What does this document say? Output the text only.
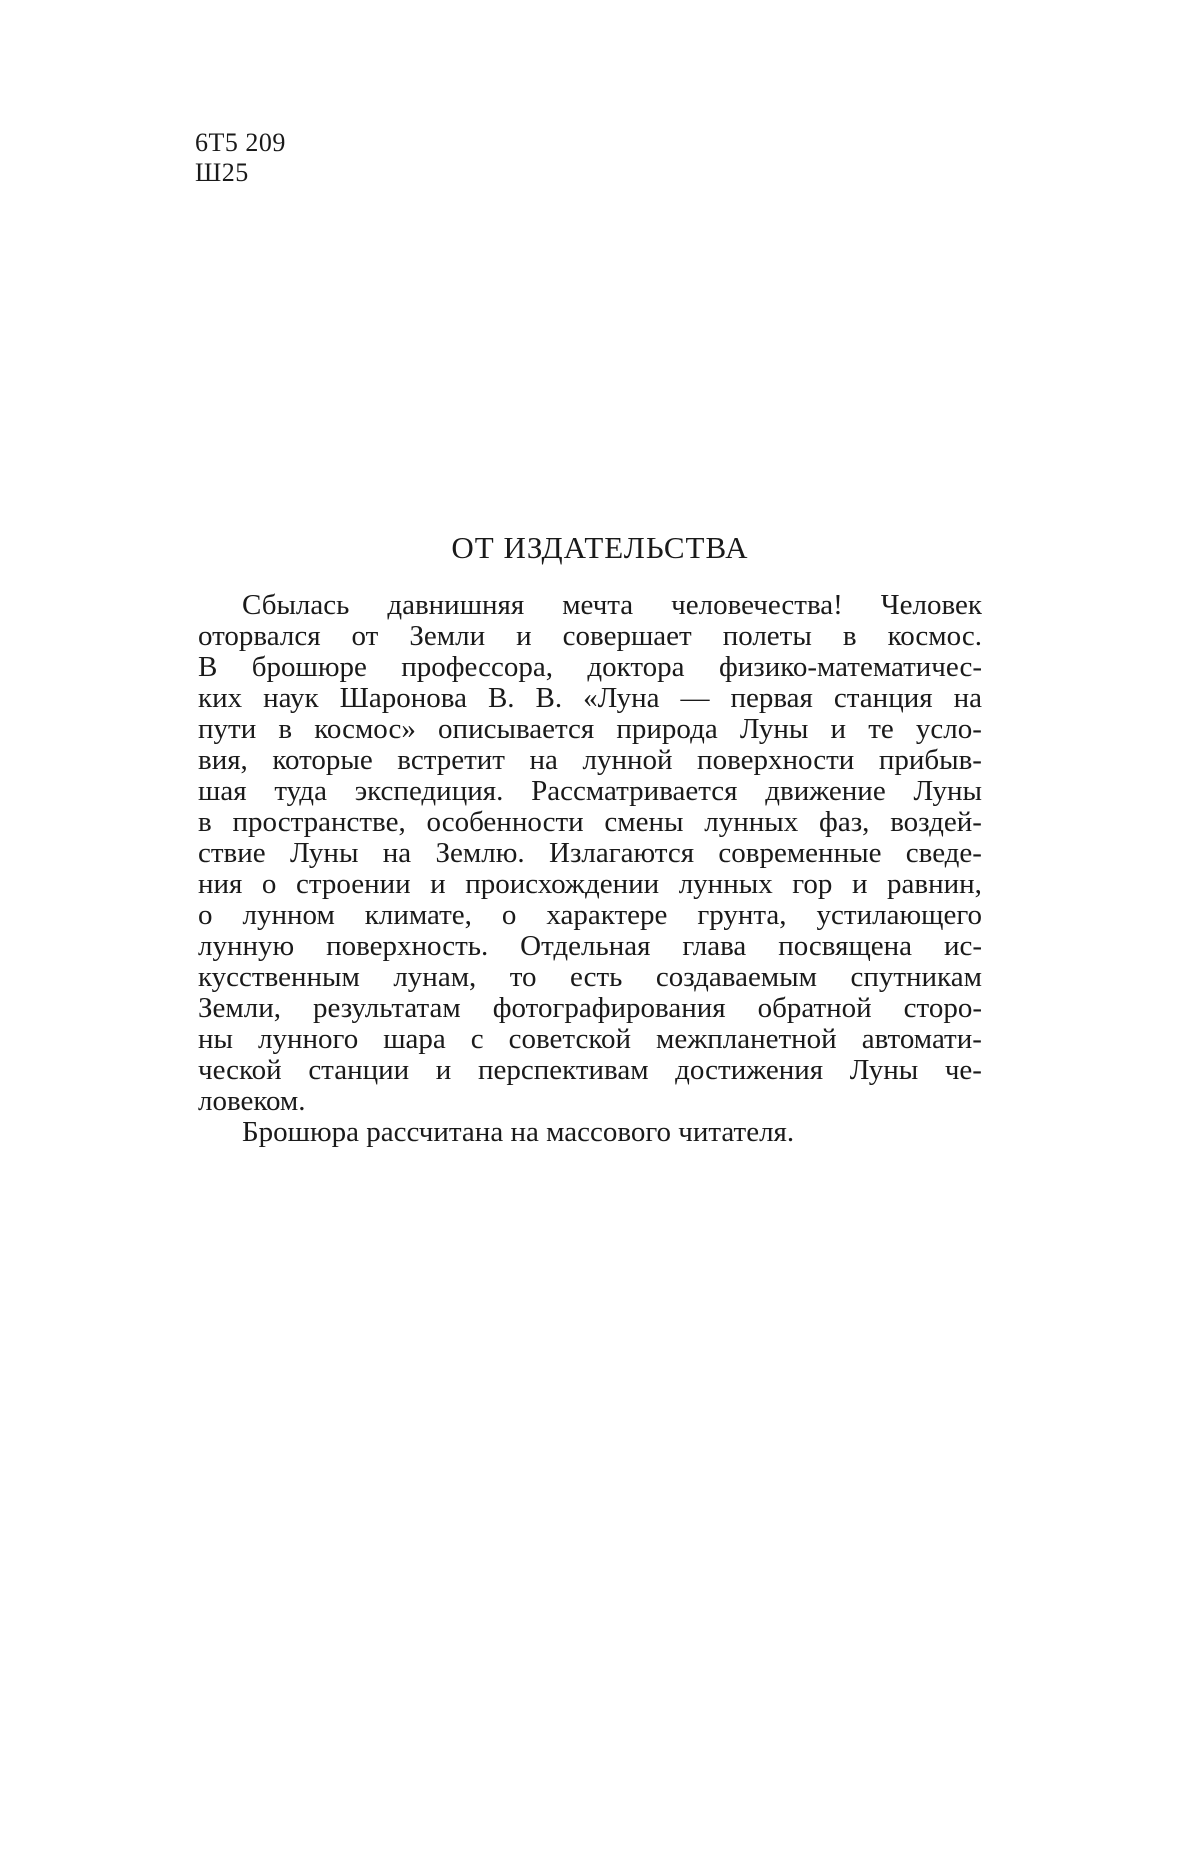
6Т5 209
Ш25
ОТ ИЗДАТЕЛЬСТВА
Сбылась давнишняя мечта человечества! Человек
оторвался от Земли и совершает полеты в космос.
В брошюре профессора, доктора физико-математичес-
ких наук Шаронова В. В. «Луна — первая станция на
пути в космос» описывается природа Луны и те усло-
вия, которые встретит на лунной поверхности прибыв-
шая туда экспедиция. Рассматривается движение Луны
в пространстве, особенности смены лунных фаз, воздей-
ствие Луны на Землю. Излагаются современные сведе-
ния о строении и происхождении лунных гор и равнин,
о лунном климате, о характере грунта, устилающего
лунную поверхность. Отдельная глава посвящена ис-
кусственным лунам, то есть создаваемым спутникам
Земли, результатам фотографирования обратной сторо-
ны лунного шара с советской межпланетной автомати-
ческой станции и перспективам достижения Луны че-
ловеком.
Брошюра рассчитана на массового читателя.
